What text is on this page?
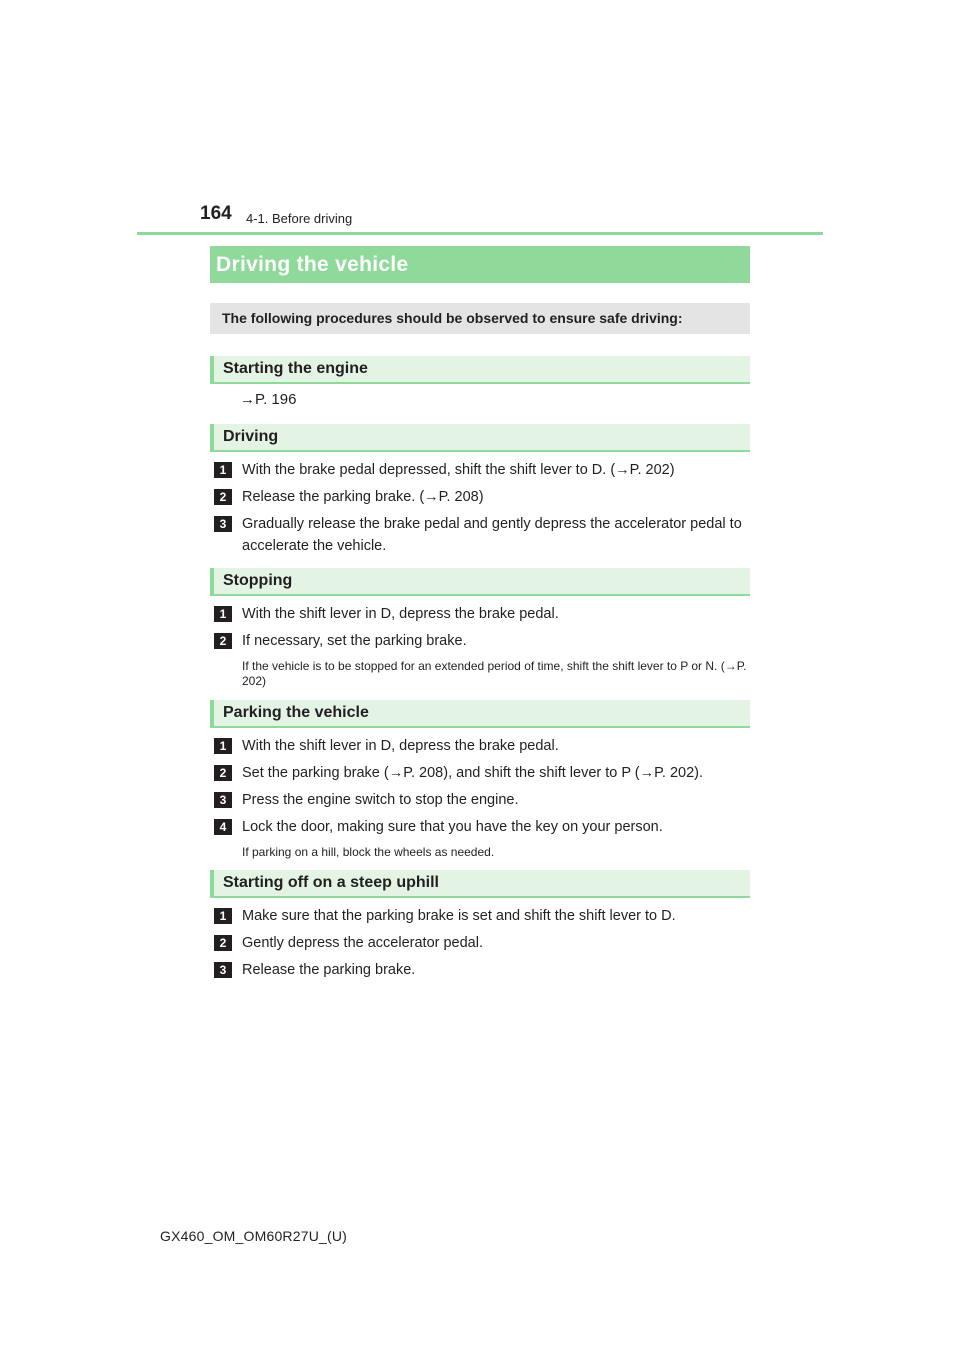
164 4-1. Before driving
Driving the vehicle
The following procedures should be observed to ensure safe driving:
Starting the engine
→P. 196
Driving
1	With the brake pedal depressed, shift the shift lever to D. (→P. 202)
2	Release the parking brake. (→P. 208)
3	Gradually release the brake pedal and gently depress the accelerator pedal to accelerate the vehicle.
Stopping
1	With the shift lever in D, depress the brake pedal.
2	If necessary, set the parking brake.
If the vehicle is to be stopped for an extended period of time, shift the shift lever to P or N. (→P. 202)
Parking the vehicle
1	With the shift lever in D, depress the brake pedal.
2	Set the parking brake (→P. 208), and shift the shift lever to P (→P. 202).
3	Press the engine switch to stop the engine.
4	Lock the door, making sure that you have the key on your person.
If parking on a hill, block the wheels as needed.
Starting off on a steep uphill
1	Make sure that the parking brake is set and shift the shift lever to D.
2	Gently depress the accelerator pedal.
3	Release the parking brake.
GX460_OM_OM60R27U_(U)
